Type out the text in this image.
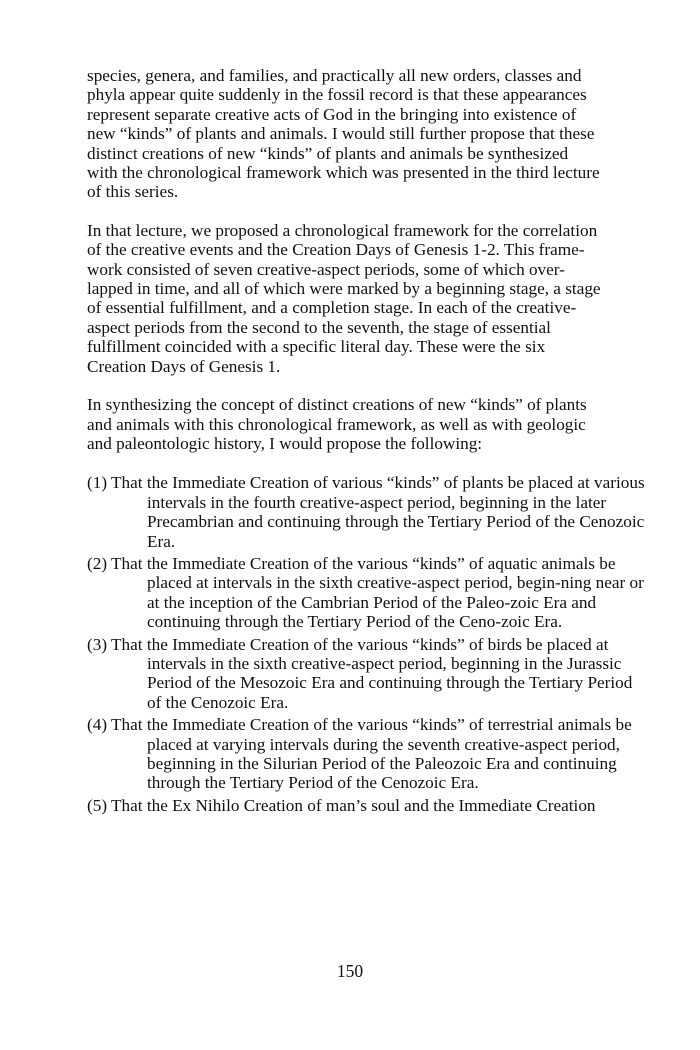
species, genera, and families, and practically all new orders, classes and
phyla appear quite suddenly in the fossil record is that these appearances
represent separate creative acts of God in the bringing into existence of
new “kinds” of plants and animals. I would still further propose that these
distinct creations of new “kinds” of plants and animals be synthesized
with the chronological framework which was presented in the third lecture
of this series.

In that lecture, we proposed a chronological framework for the correlation
of the creative events and the Creation Days of Genesis 1-2. This frame-
work consisted of seven creative-aspect periods, some of which over-
lapped in time, and all of which were marked by a beginning stage, a stage
of essential fulfillment, and a completion stage. In each of the creative-
aspect periods from the second to the seventh, the stage of essential
fulfillment coincided with a specific literal day. These were the six
Creation Days of Genesis 1.

In synthesizing the concept of distinct creations of new “kinds” of plants
and animals with this chronological framework, as well as with geologic
and paleontologic history, I would propose the following:

(1) That the Immediate Creation of various “kinds” of plants be placed at various intervals in the fourth creative-aspect period, beginning in the later Precambrian and continuing through the Tertiary Period of the Cenozoic Era.
(2) That the Immediate Creation of the various “kinds” of aquatic animals be placed at intervals in the sixth creative-aspect period, begin-ning near or at the inception of the Cambrian Period of the Paleo-zoic Era and continuing through the Tertiary Period of the Ceno-zoic Era.
(3) That the Immediate Creation of the various “kinds” of birds be placed at intervals in the sixth creative-aspect period, beginning in the Jurassic Period of the Mesozoic Era and continuing through the Tertiary Period of the Cenozoic Era.
(4) That the Immediate Creation of the various “kinds” of terrestrial animals be placed at varying intervals during the seventh creative-aspect period, beginning in the Silurian Period of the Paleozoic Era and continuing through the Tertiary Period of the Cenozoic Era.
(5) That the Ex Nihilo Creation of man’s soul and the Immediate Creation
150
